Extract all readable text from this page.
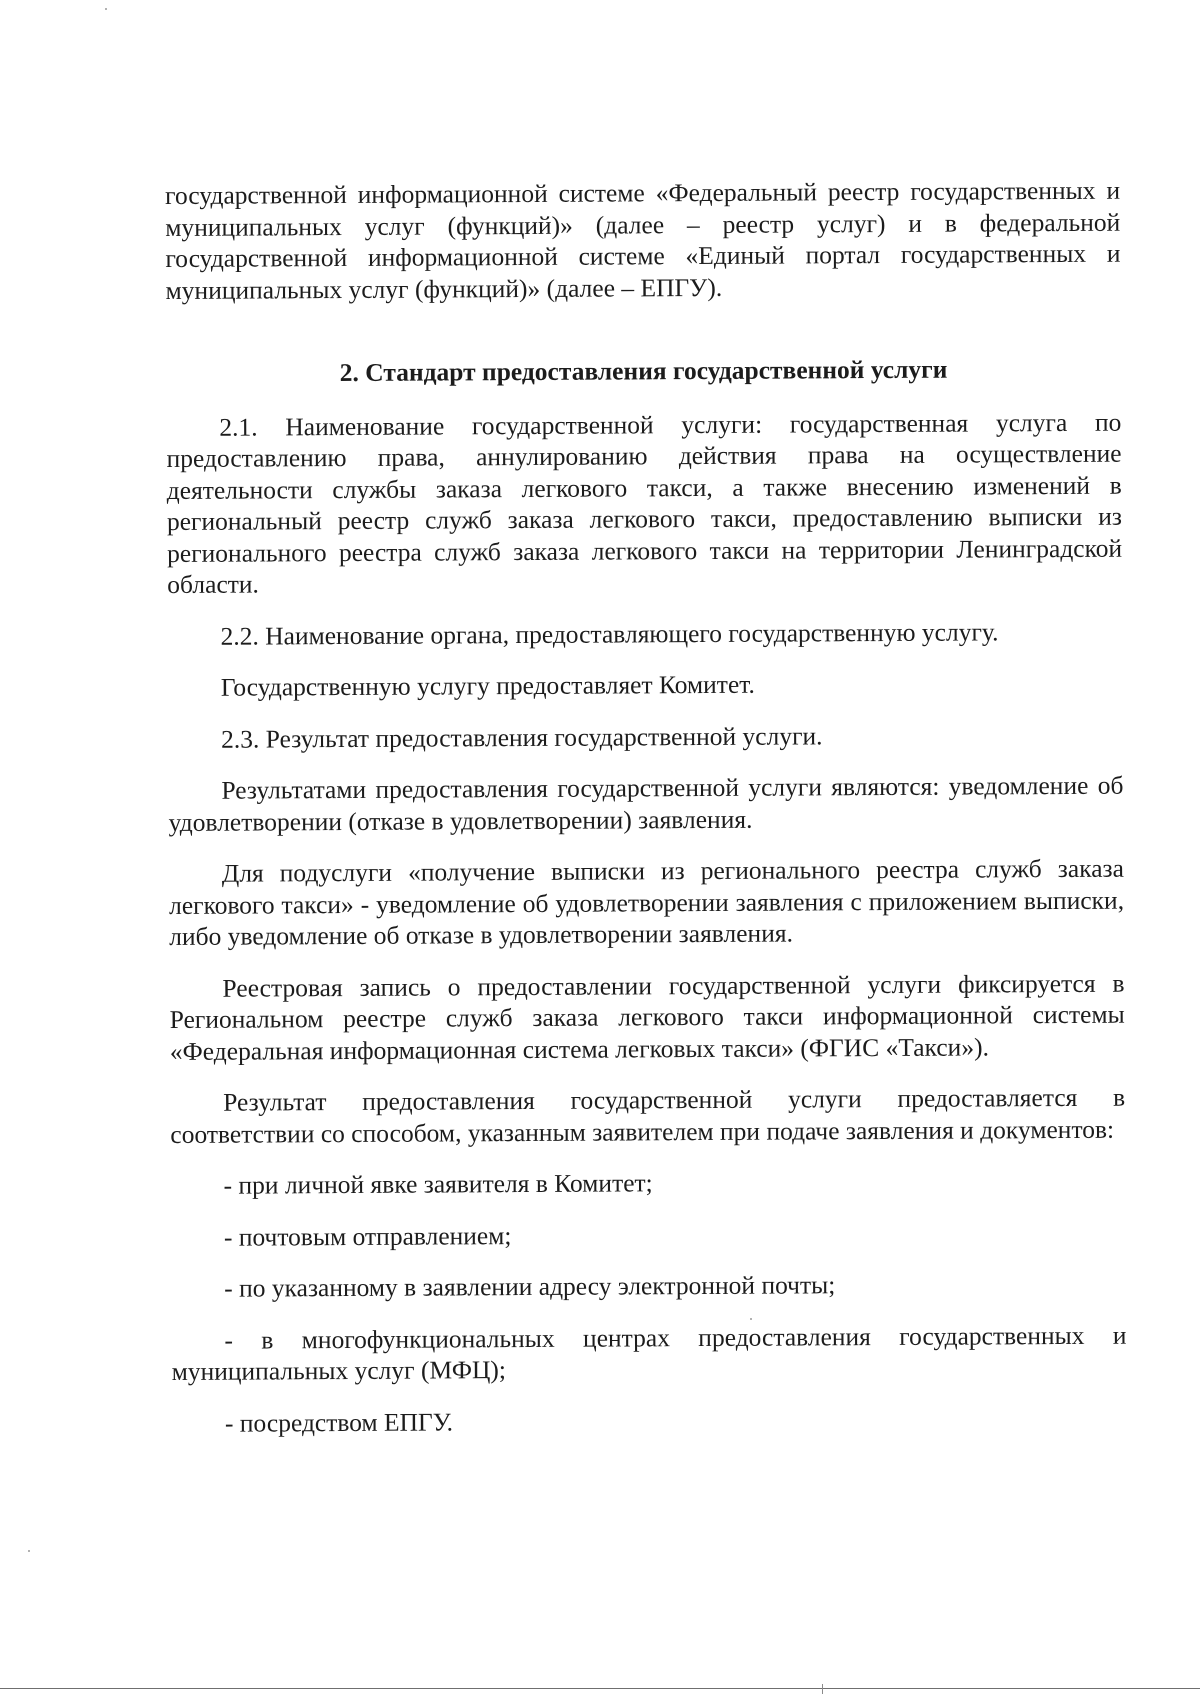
государственной информационной системе «Федеральный реестр государственных и муниципальных услуг (функций)» (далее – реестр услуг) и в федеральной государственной информационной системе «Единый портал государственных и муниципальных услуг (функций)» (далее – ЕПГУ).

2. Стандарт предоставления государственной услуги

2.1. Наименование государственной услуги: государственная услуга по предоставлению права, аннулированию действия права на осуществление деятельности службы заказа легкового такси, а также внесению изменений в региональный реестр служб заказа легкового такси, предоставлению выписки из регионального реестра служб заказа легкового такси на территории Ленинградской области.

2.2. Наименование органа, предоставляющего государственную услугу.

Государственную услугу предоставляет Комитет.

2.3. Результат предоставления государственной услуги.

Результатами предоставления государственной услуги являются: уведомление об удовлетворении (отказе в удовлетворении) заявления.

Для подуслуги «получение выписки из регионального реестра служб заказа легкового такси» - уведомление об удовлетворении заявления с приложением выписки, либо уведомление об отказе в удовлетворении заявления.

Реестровая запись о предоставлении государственной услуги фиксируется в Региональном реестре служб заказа легкового такси информационной системы «Федеральная информационная система легковых такси» (ФГИС «Такси»).

Результат предоставления государственной услуги предоставляется в соответствии со способом, указанным заявителем при подаче заявления и документов:

- при личной явке заявителя в Комитет;

- почтовым отправлением;

- по указанному в заявлении адресу электронной почты;

- в многофункциональных центрах предоставления государственных и муниципальных услуг (МФЦ);

- посредством ЕПГУ.
